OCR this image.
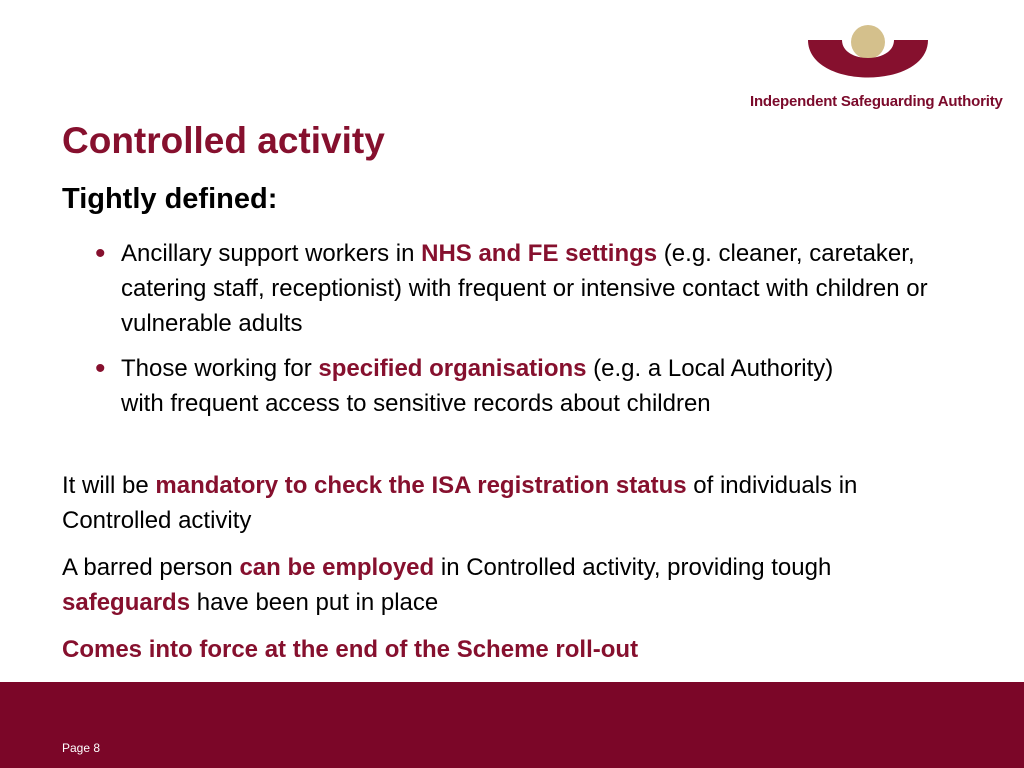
Independent Safeguarding Authority
Controlled activity
Tightly defined:
• Ancillary support workers in NHS and FE settings (e.g. cleaner, caretaker, catering staff, receptionist) with frequent or intensive contact with children or vulnerable adults

• Those working for specified organisations (e.g. a Local Authority) with frequent access to sensitive records about children

It will be mandatory to check the ISA registration status of individuals in Controlled activity

A barred person can be employed in Controlled activity, providing tough safeguards have been put in place

Comes into force at the end of the Scheme roll-out

Page 8
